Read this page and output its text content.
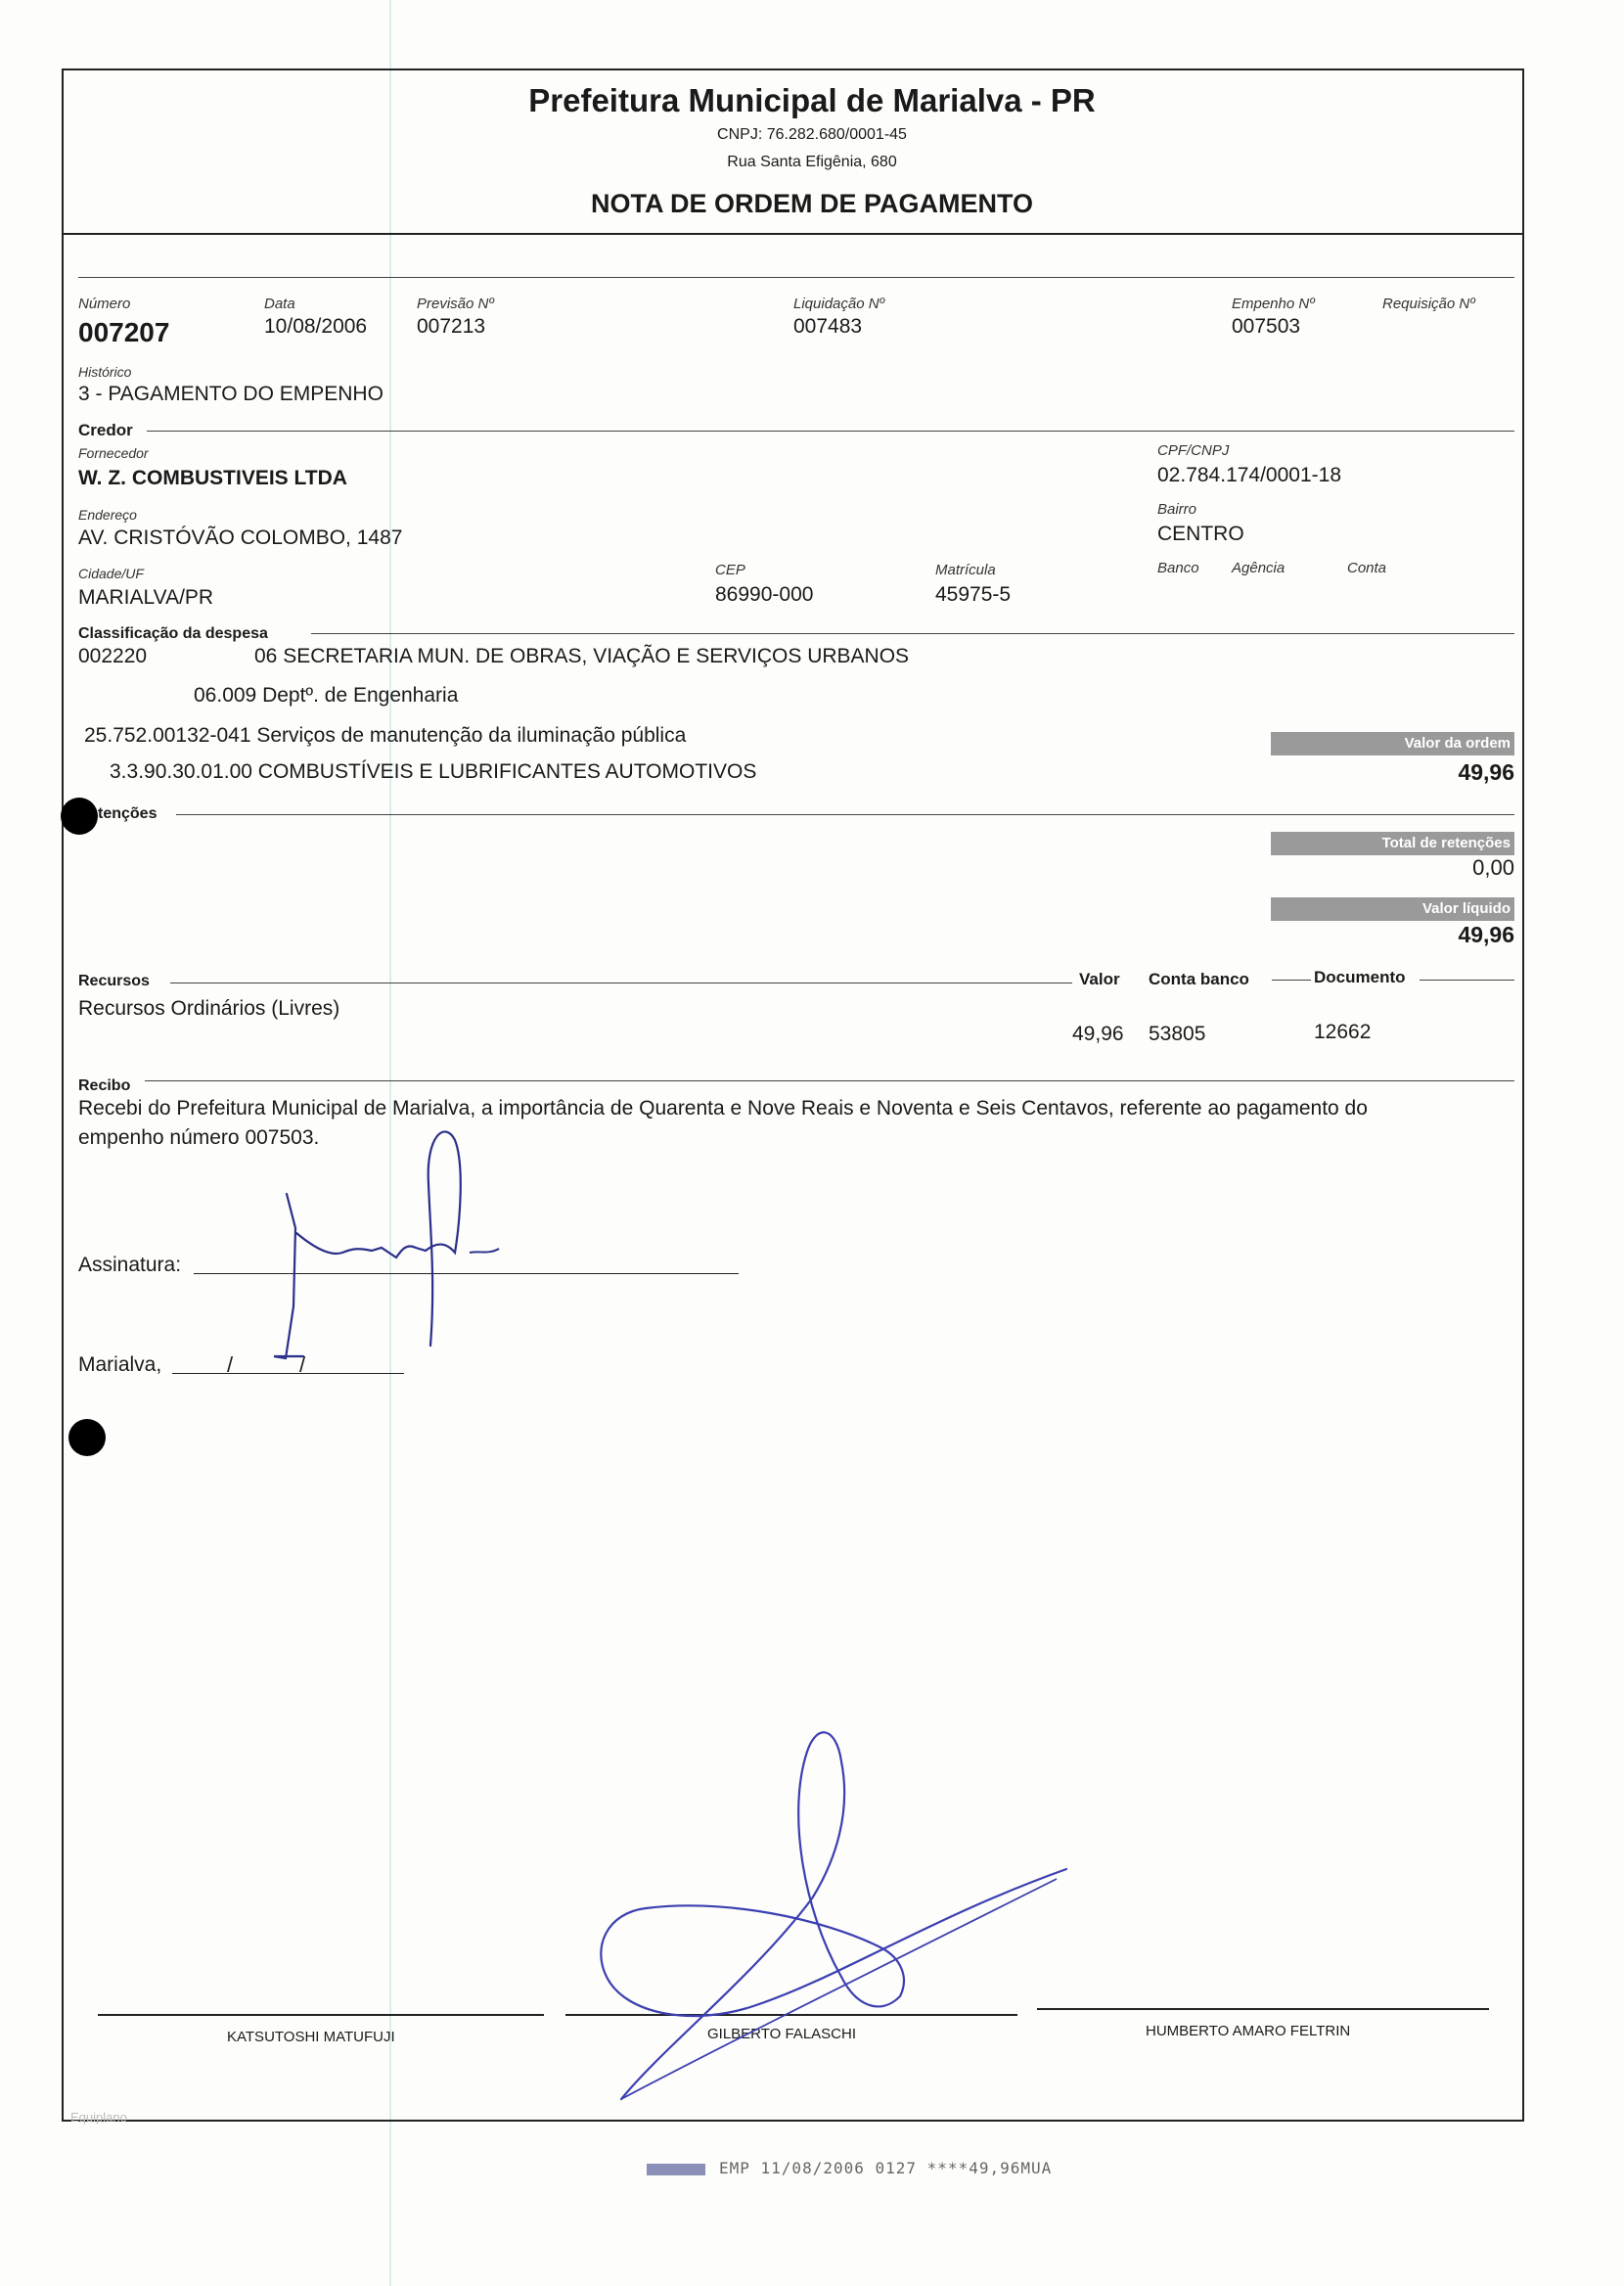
Prefeitura Municipal de Marialva - PR
CNPJ: 76.282.680/0001-45
Rua Santa Efigênia, 680
NOTA DE ORDEM DE PAGAMENTO
Número
007207
Data
10/08/2006
Previsão Nº
007213
Liquidação Nº
007483
Empenho Nº
007503
Requisição Nº
Histórico
3 - PAGAMENTO DO EMPENHO
Credor
Fornecedor
W. Z. COMBUSTIVEIS LTDA
CPF/CNPJ
02.784.174/0001-18
Endereço
AV. CRISTÓVÃO COLOMBO, 1487
Bairro
CENTRO
Cidade/UF
MARIALVA/PR
CEP
86990-000
Matrícula
45975-5
Banco Agência	Conta
Classificação da despesa
002220	06 SECRETARIA MUN. DE OBRAS, VIAÇÃO E SERVIÇOS URBANOS
06.009 Deptº. de Engenharia
25.752.00132-041 Serviços de manutenção da iluminação pública
3.3.90.30.01.00 COMBUSTÍVEIS E LUBRIFICANTES AUTOMOTIVOS
Valor da ordem
49,96
tenções
Total de retenções
0,00
Valor líquido
49,96
Recursos	Valor Conta banco	Documento
Recursos Ordinários (Livres)
49,96 53805	12662
Recibo
Recebi do Prefeitura Municipal de Marialva, a importância de Quarenta e Nove Reais e Noventa e Seis Centavos, referente ao pagamento do
empenho número 007503.
Assinatura:
Marialva,	/	/
KATSUTOSHI MATUFUJI	GILBERTO FALASCHI	HUMBERTO AMARO FELTRIN
Equiplano
EMP 11/08/2006 0127 ****49,96MUA
